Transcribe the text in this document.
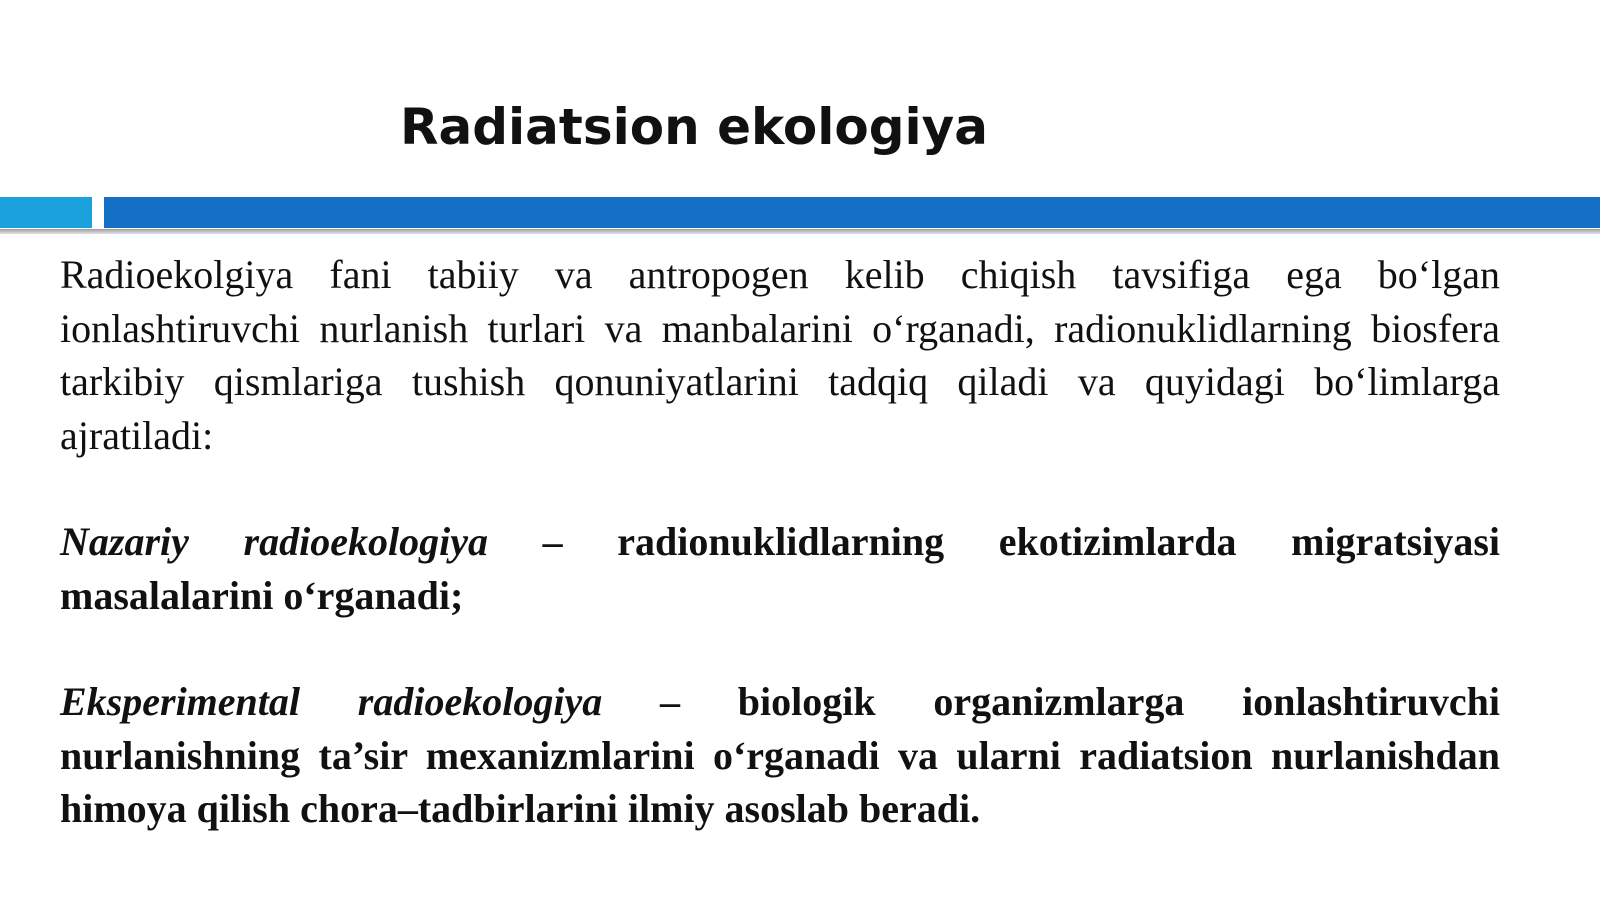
Radiatsion ekologiya

Radioekolgiya fani tabiiy va antropogen kelib chiqish tavsifiga ega bo‘lgan ionlashtiruvchi nurlanish turlari va manbalarini o‘rganadi, radionuklidlarning biosfera tarkibiy qismlariga tushish qonuniyatlarini tadqiq qiladi va quyidagi bo‘limlarga ajratiladi:

Nazariy radioekologiya – radionuklidlarning ekotizimlarda migratsiyasi masalalarini o‘rganadi;

Eksperimental radioekologiya – biologik organizmlarga ionlashtiruvchi nurlanishning ta’sir mexanizmlarini o‘rganadi va ularni radiatsion nurlanishdan himoya qilish chora–tadbirlarini ilmiy asoslab beradi.
